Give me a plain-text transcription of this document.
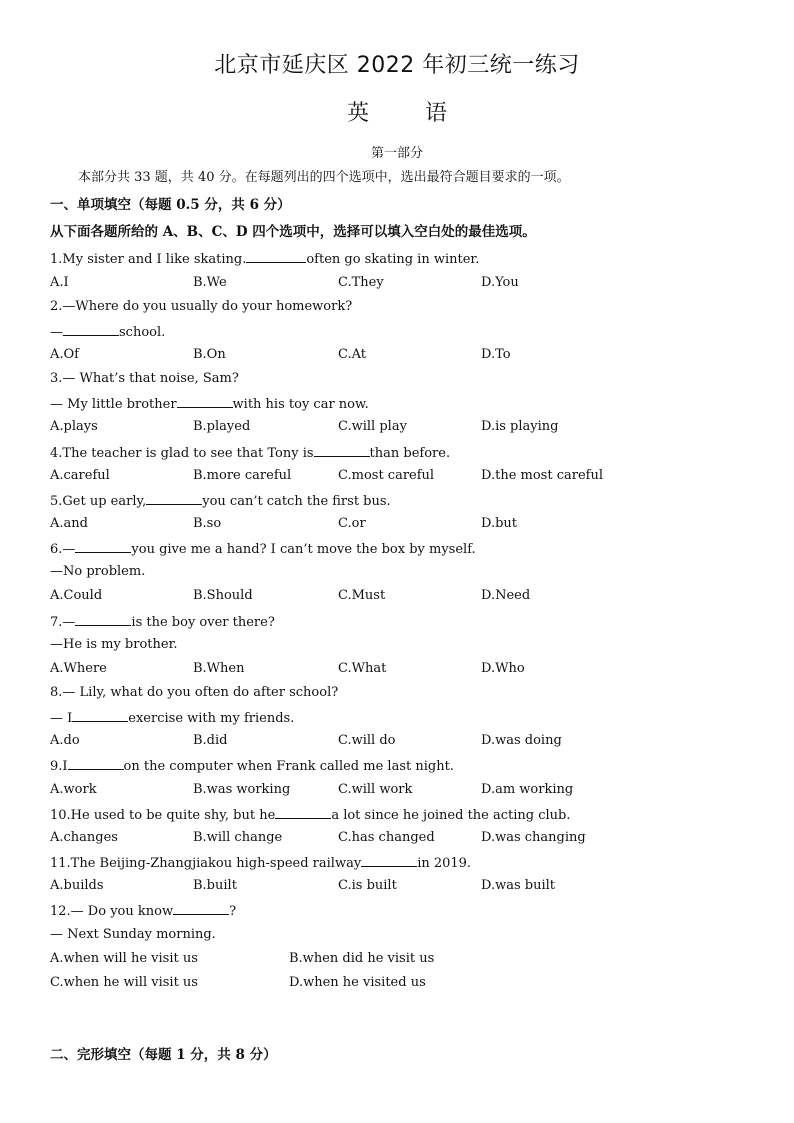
北京市延庆区 2022 年初三统一练习
英	语
第一部分
本部分共 33 题，共 40 分。在每题列出的四个选项中，选出最符合题目要求的一项。
一、单项填空（每题 0.5 分，共 6 分）
从下面各题所给的 A、B、C、D 四个选项中，选择可以填入空白处的最佳选项。
1.My sister and I like skating.	often go skating in winter.
A.I	B.We	C.They	D.You
2.—Where do you usually do your homework?
—	school.
A.Of	B.On	C.At	D.To
3.— What’s that noise, Sam?
— My little brother	with his toy car now.
A.plays	B.played	C.will play	D.is playing
4.The teacher is glad to see that Tony is	than before.
A.careful	B.more careful	C.most careful	D.the most careful
5.Get up early,	you can’t catch the first bus.
A.and	B.so	C.or	D.but
6.—	you give me a hand? I can’t move the box by myself.
—No problem.
A.Could	B.Should	C.Must	D.Need
7.—	is the boy over there?
—He is my brother.
A.Where	B.When	C.What	D.Who
8.— Lily, what do you often do after school?
— I	exercise with my friends.
A.do	B.did	C.will do	D.was doing
9.I	on the computer when Frank called me last night.
A.work	B.was working	C.will work	D.am working
10.He used to be quite shy, but he	a lot since he joined the acting club.
A.changes	B.will change	C.has changed	D.was changing
11.The Beijing-Zhangjiakou high-speed railway	in 2019.
A.builds	B.built	C.is built	D.was built
12.— Do you know	?
— Next Sunday morning.
A.when will he visit us	B.when did he visit us
C.when he will visit us	D.when he visited us
二、完形填空（每题 1 分，共 8 分）
